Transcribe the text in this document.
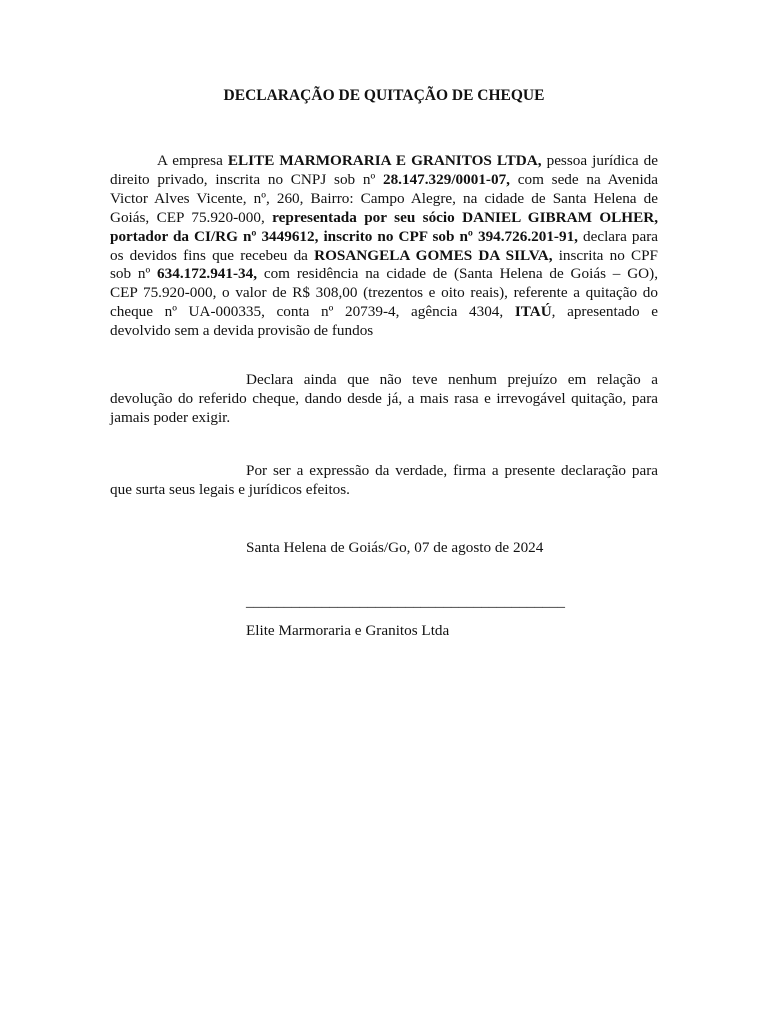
DECLARAÇÃO DE QUITAÇÃO DE CHEQUE
A empresa ELITE MARMORARIA E GRANITOS LTDA, pessoa jurídica de
direito privado, inscrita no CNPJ sob nº 28.147.329/0001-07, com sede na Avenida
Victor Alves Vicente, nº, 260, Bairro: Campo Alegre, na cidade de Santa Helena de
Goiás, CEP 75.920-000, representada por seu sócio DANIEL GIBRAM OLHER,
portador da CI/RG nº 3449612, inscrito no CPF sob nº 394.726.201-91, declara para
os devidos fins que recebeu da ROSANGELA GOMES DA SILVA, inscrita no CPF
sob nº 634.172.941-34, com residência na cidade de (Santa Helena de Goiás – GO),
CEP 75.920-000, o valor de R$ 308,00 (trezentos e oito reais), referente a quitação do
cheque nº UA-000335, conta nº 20739-4, agência 4304, ITAÚ, apresentado e
devolvido sem a devida provisão de fundos
Declara ainda que não teve nenhum prejuízo em relação a
devolução do referido cheque, dando desde já, a mais rasa e irrevogável quitação, para
jamais poder exigir.
Por ser a expressão da verdade, firma a presente declaração para
que surta seus legais e jurídicos efeitos.
Santa Helena de Goiás/Go, 07 de agosto de 2024
__________________________________________
Elite Marmoraria e Granitos Ltda
